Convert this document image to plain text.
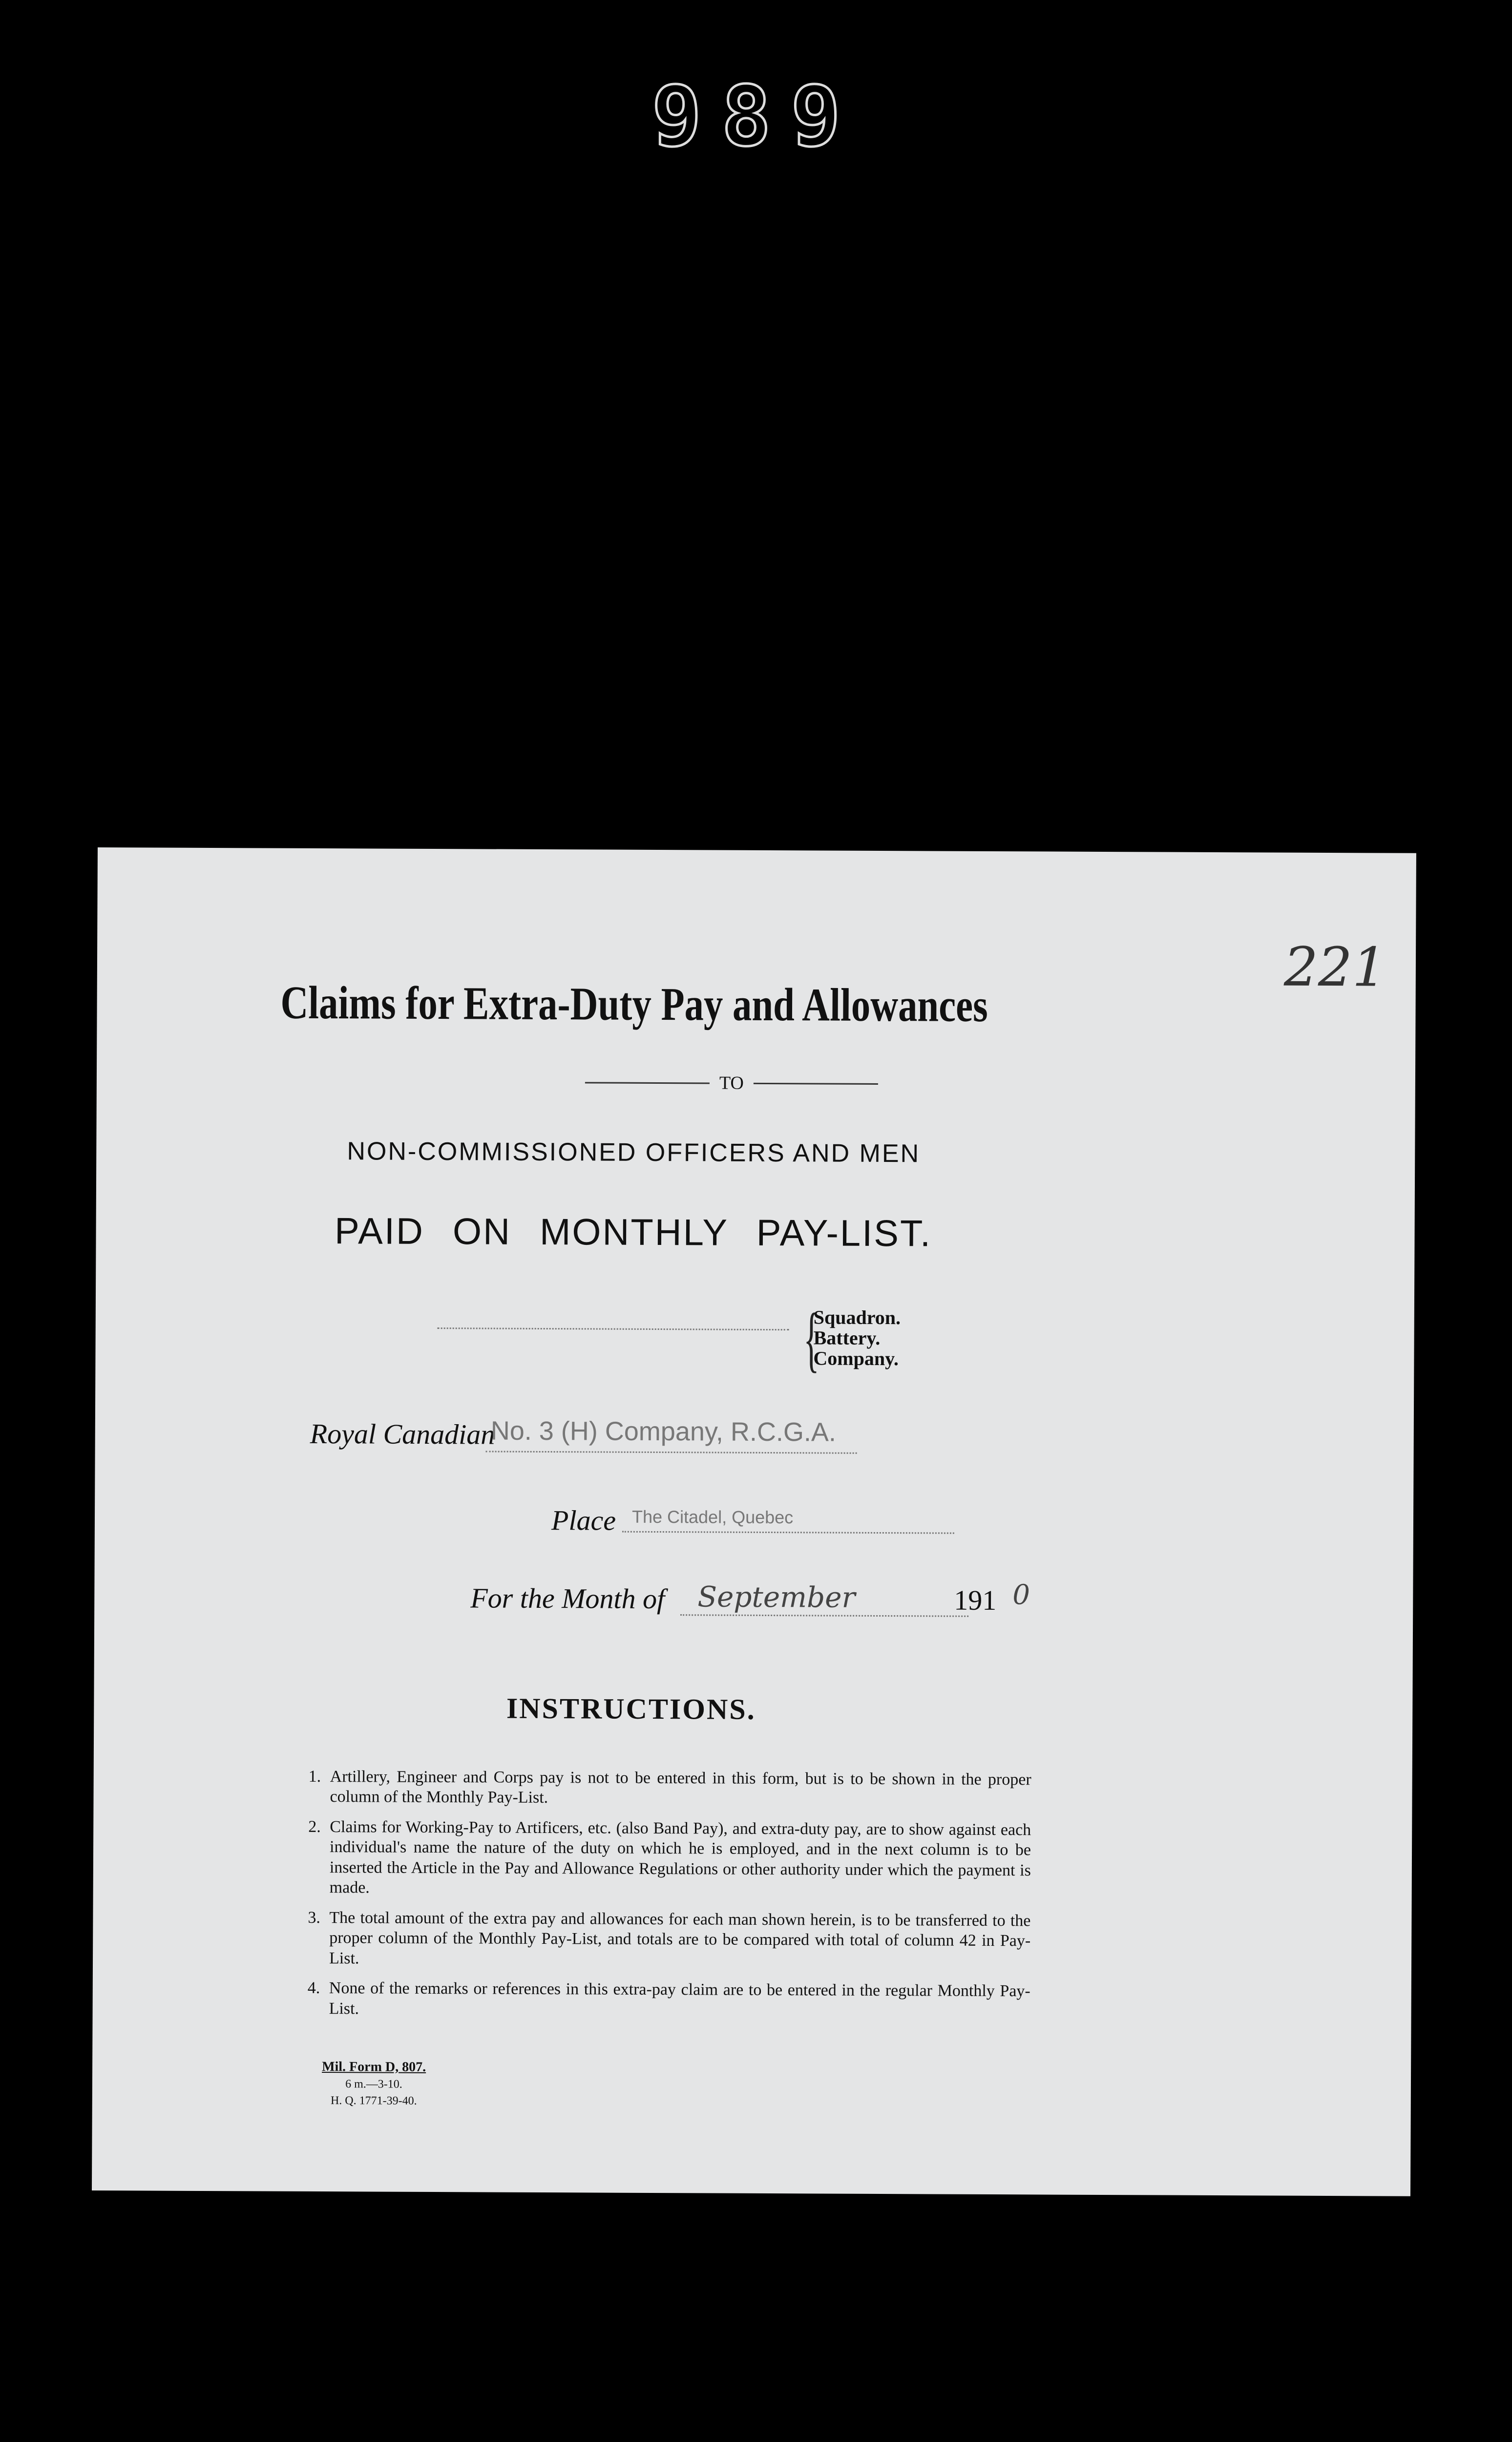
989
221
Claims for Extra-Duty Pay and Allowances
TO
NON-COMMISSIONED OFFICERS AND MEN
PAID ON MONTHLY PAY-LIST.
{
Squadron.
Battery.
Company.
Royal Canadian
No. 3 (H) Company, R.C.G.A.
Place The Citadel, Quebec
For the Month of September	191 0
INSTRUCTIONS.
1. Artillery, Engineer and Corps pay is not to be entered in this form, but is to be shown in the proper column of the Monthly Pay-List.
2. Claims for Working-Pay to Artificers, etc. (also Band Pay), and extra-duty pay, are to show against each individual's name the nature of the duty on which he is employed, and in the next column is to be inserted the Article in the Pay and Allowance Regulations or other authority under which the payment is made.
3. The total amount of the extra pay and allowances for each man shown herein, is to be transferred to the proper column of the Monthly Pay-List, and totals are to be compared with total of column 42 in Pay-List.
4. None of the remarks or references in this extra-pay claim are to be entered in the regular Monthly Pay-List.
Mil. Form D, 807.
6 m.—3-10.
H. Q. 1771-39-40.
